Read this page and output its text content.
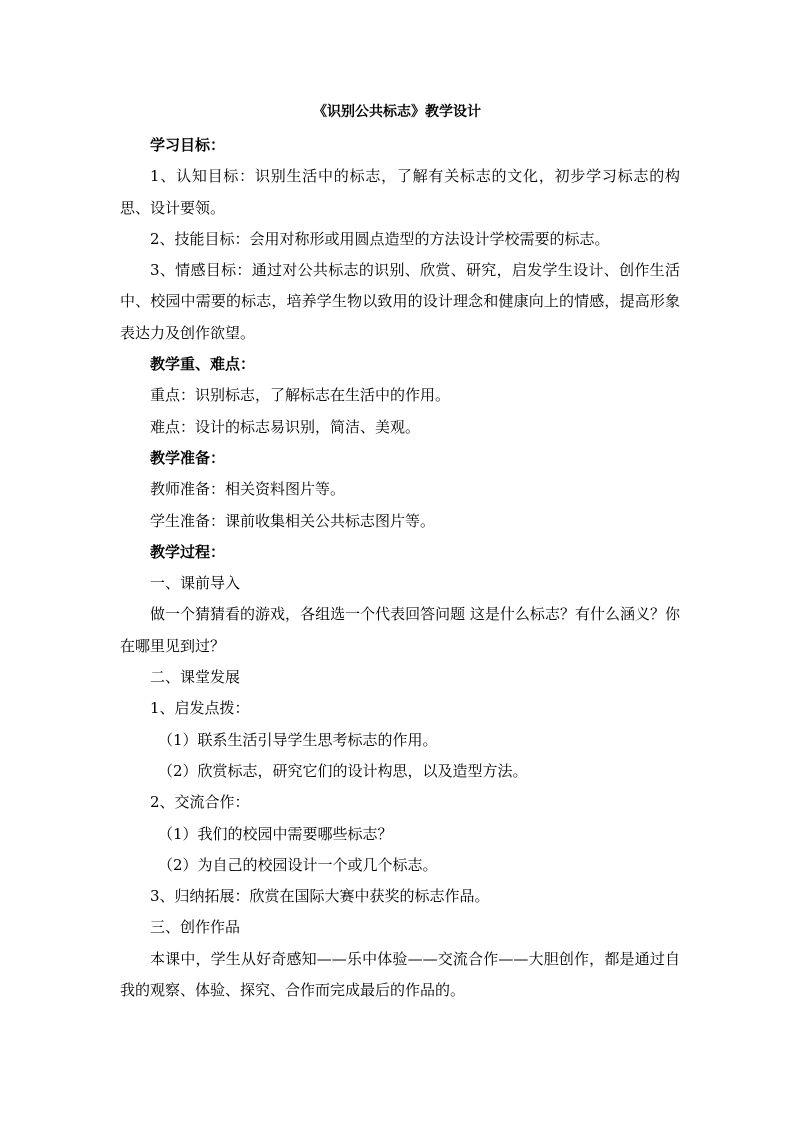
《识别公共标志》教学设计

学习目标：

1、认知目标：识别生活中的标志，了解有关标志的文化，初步学习标志的构思、设计要领。

2、技能目标：会用对称形或用圆点造型的方法设计学校需要的标志。

3、情感目标：通过对公共标志的识别、欣赏、研究，启发学生设计、创作生活中、校园中需要的标志，培养学生物以致用的设计理念和健康向上的情感，提高形象表达力及创作欲望。

教学重、难点：

重点：识别标志，了解标志在生活中的作用。

难点：设计的标志易识别，简洁、美观。

教学准备：

教师准备：相关资料图片等。

学生准备：课前收集相关公共标志图片等。

教学过程：

一、课前导入

做一个猜猜看的游戏，各组选一个代表回答问题 这是什么标志？有什么涵义？你在哪里见到过？

二、课堂发展

1、启发点拨：

（1）联系生活引导学生思考标志的作用。

（2）欣赏标志，研究它们的设计构思，以及造型方法。

2、交流合作：

（1）我们的校园中需要哪些标志？

（2）为自己的校园设计一个或几个标志。

3、归纳拓展：欣赏在国际大赛中获奖的标志作品。

三、创作作品

本课中，学生从好奇感知——乐中体验——交流合作——大胆创作，都是通过自我的观察、体验、探究、合作而完成最后的作品的。
